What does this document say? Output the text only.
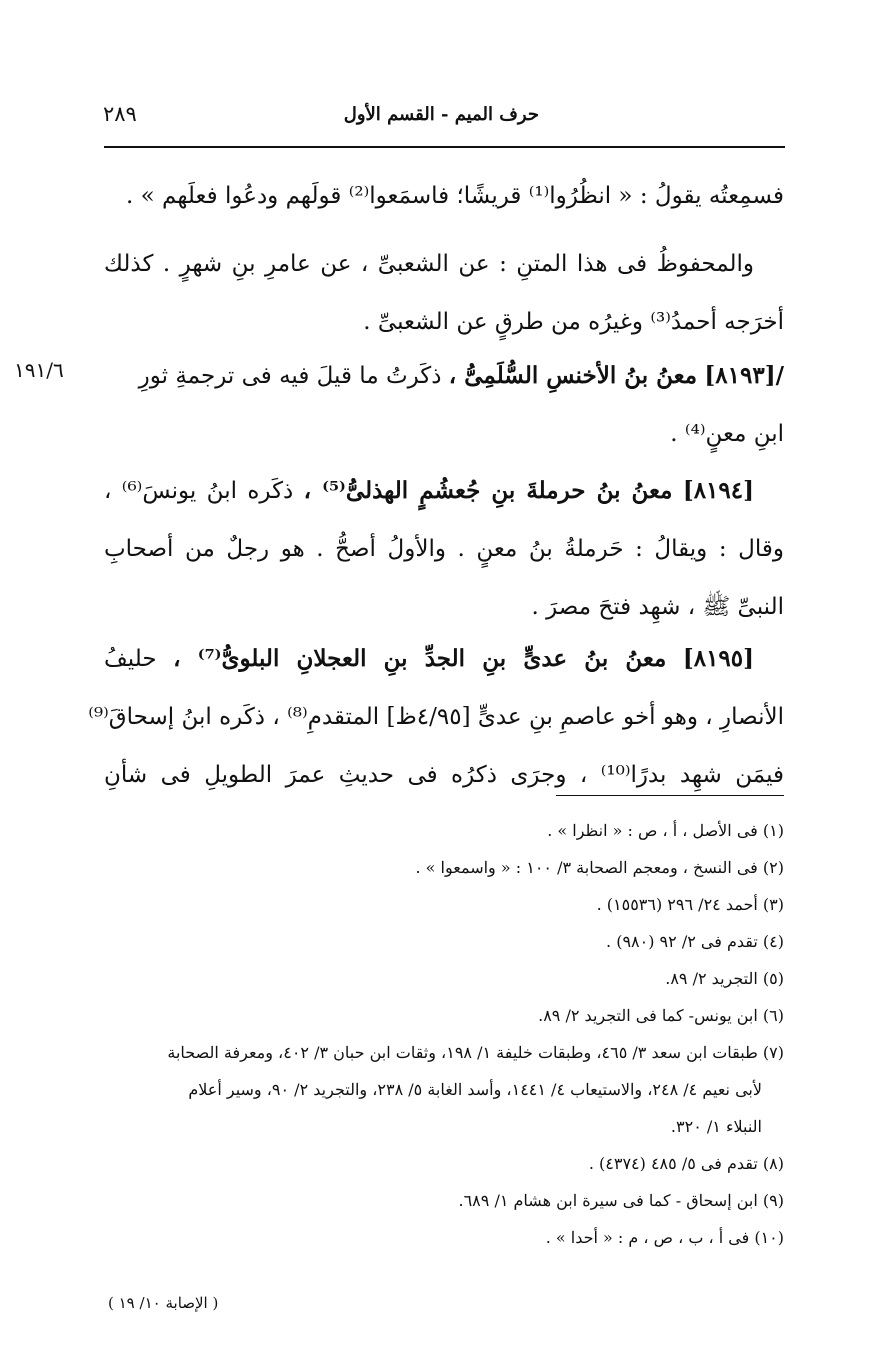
حرف الميم - القسم الأول
٢٨٩
فسمِعتُه يقولُ : « انظُرُوا⁽¹⁾ قريشًا؛ فاسمَعوا⁽²⁾ قولَهم ودعُوا فعلَهم » .
والمحفوظُ فى هذا المتنِ : عن الشعبىِّ ، عن عامرِ بنِ شهرٍ . كذلك
أخرَجه أحمدُ⁽³⁾ وغيرُه من طرقٍ عن الشعبىِّ .
/[٨١٩٣] معنُ بنُ الأخنسِ السُّلَمِىُّ ، ذكَرتُ ما قيلَ فيه فى ترجمةِ ثورِ
ابنِ معنٍ⁽⁴⁾ .
١٩١/٦
[٨١٩٤] معنُ بنُ حرملةَ بنِ جُعشُمٍ الهذلىُّ⁽⁵⁾ ، ذكَره ابنُ يونسَ⁽⁶⁾ ،
وقال : ويقالُ : حَرملةُ بنُ معنٍ . والأولُ أصحُّ . هو رجلٌ من أصحابِ
النبىِّ ﷺ ، شهِد فتحَ مصرَ .
[٨١٩٥] معنُ بنُ عدىٍّ بنِ الجدِّ بنِ العجلانِ البلوىُّ⁽⁷⁾ ، حليفُ
الأنصارِ ، وهو أخو عاصمِ بنِ عدىٍّ [٤/٩٥ظ] المتقدمِ⁽⁸⁾ ، ذكَره ابنُ إسحاقَ⁽⁹⁾
فيمَن شهِد بدرًا⁽¹⁰⁾ ، وجرَى ذكرُه فى حديثِ عمرَ الطويلِ فى شأنِ
(١) فى الأصل ، أ ، ص : « انظرا » .
(٢) فى النسخ ، ومعجم الصحابة ٣/ ١٠٠ : « واسمعوا » .
(٣) أحمد ٢٤/ ٢٩٦ (١٥٥٣٦) .
(٤) تقدم فى ٢/ ٩٢ (٩٨٠) .
(٥) التجريد ٢/ ٨٩.
(٦) ابن يونس- كما فى التجريد ٢/ ٨٩.
(٧) طبقات ابن سعد ٣/ ٤٦٥، وطبقات خليفة ١/ ١٩٨، وثقات ابن حبان ٣/ ٤٠٢، ومعرفة الصحابة
لأبى نعيم ٤/ ٢٤٨، والاستيعاب ٤/ ١٤٤١، وأسد الغابة ٥/ ٢٣٨، والتجريد ٢/ ٩٠، وسير أعلام
النبلاء ١/ ٣٢٠.
(٨) تقدم فى ٥/ ٤٨٥ (٤٣٧٤) .
(٩) ابن إسحاق - كما فى سيرة ابن هشام ١/ ٦٨٩.
(١٠) فى أ ، ب ، ص ، م : « أحدا » .
( الإصابة ١٠/ ١٩ )
